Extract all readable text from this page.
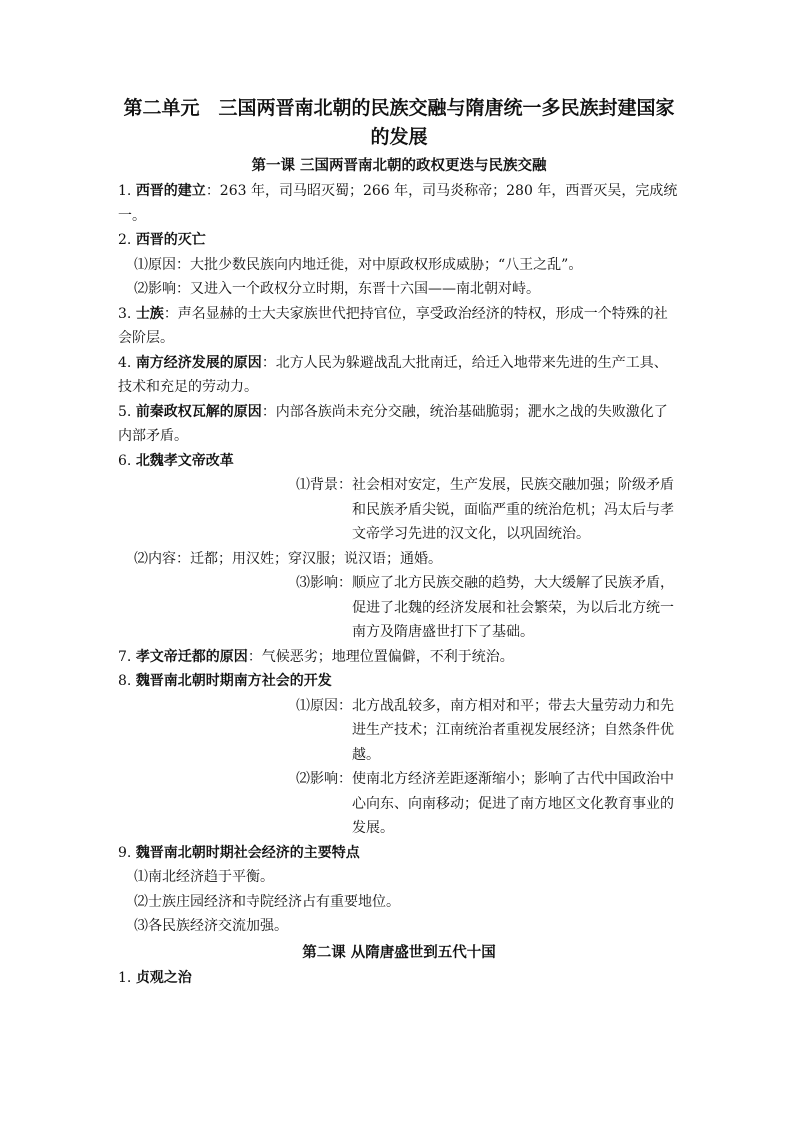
第二单元　三国两晋南北朝的民族交融与隋唐统一多民族封建国家
的发展
第一课 三国两晋南北朝的政权更迭与民族交融

1. 西晋的建立：263 年，司马昭灭蜀；266 年，司马炎称帝；280 年，西晋灭吴，完成统一。

2. 西晋的灭亡

⑴原因：大批少数民族向内地迁徙，对中原政权形成威胁；“八王之乱”。

⑵影响：又进入一个政权分立时期，东晋十六国——南北朝对峙。

3. 士族：声名显赫的士大夫家族世代把持官位，享受政治经济的特权，形成一个特殊的社会阶层。

4. 南方经济发展的原因：北方人民为躲避战乱大批南迁，给迁入地带来先进的生产工具、技术和充足的劳动力。

5. 前秦政权瓦解的原因：内部各族尚未充分交融，统治基础脆弱；淝水之战的失败激化了内部矛盾。

6. 北魏孝文帝改革

⑴背景： 社会相对安定，生产发展，民族交融加强；阶级矛盾和民族矛盾尖锐，面临严重的统治危机；冯太后与孝文帝学习先进的汉文化，以巩固统治。

⑵内容：迁都；用汉姓；穿汉服；说汉语；通婚。

⑶影响： 顺应了北方民族交融的趋势，大大缓解了民族矛盾，促进了北魏的经济发展和社会繁荣，为以后北方统一南方及隋唐盛世打下了基础。

7. 孝文帝迁都的原因：气候恶劣；地理位置偏僻，不利于统治。

8. 魏晋南北朝时期南方社会的开发

⑴原因： 北方战乱较多，南方相对和平；带去大量劳动力和先进生产技术；江南统治者重视发展经济；自然条件优越。
⑵影响： 使南北方经济差距逐渐缩小；影响了古代中国政治中心向东、向南移动；促进了南方地区文化教育事业的发展。

9. 魏晋南北朝时期社会经济的主要特点

⑴南北经济趋于平衡。

⑵士族庄园经济和寺院经济占有重要地位。

⑶各民族经济交流加强。

第二课 从隋唐盛世到五代十国

1. 贞观之治
